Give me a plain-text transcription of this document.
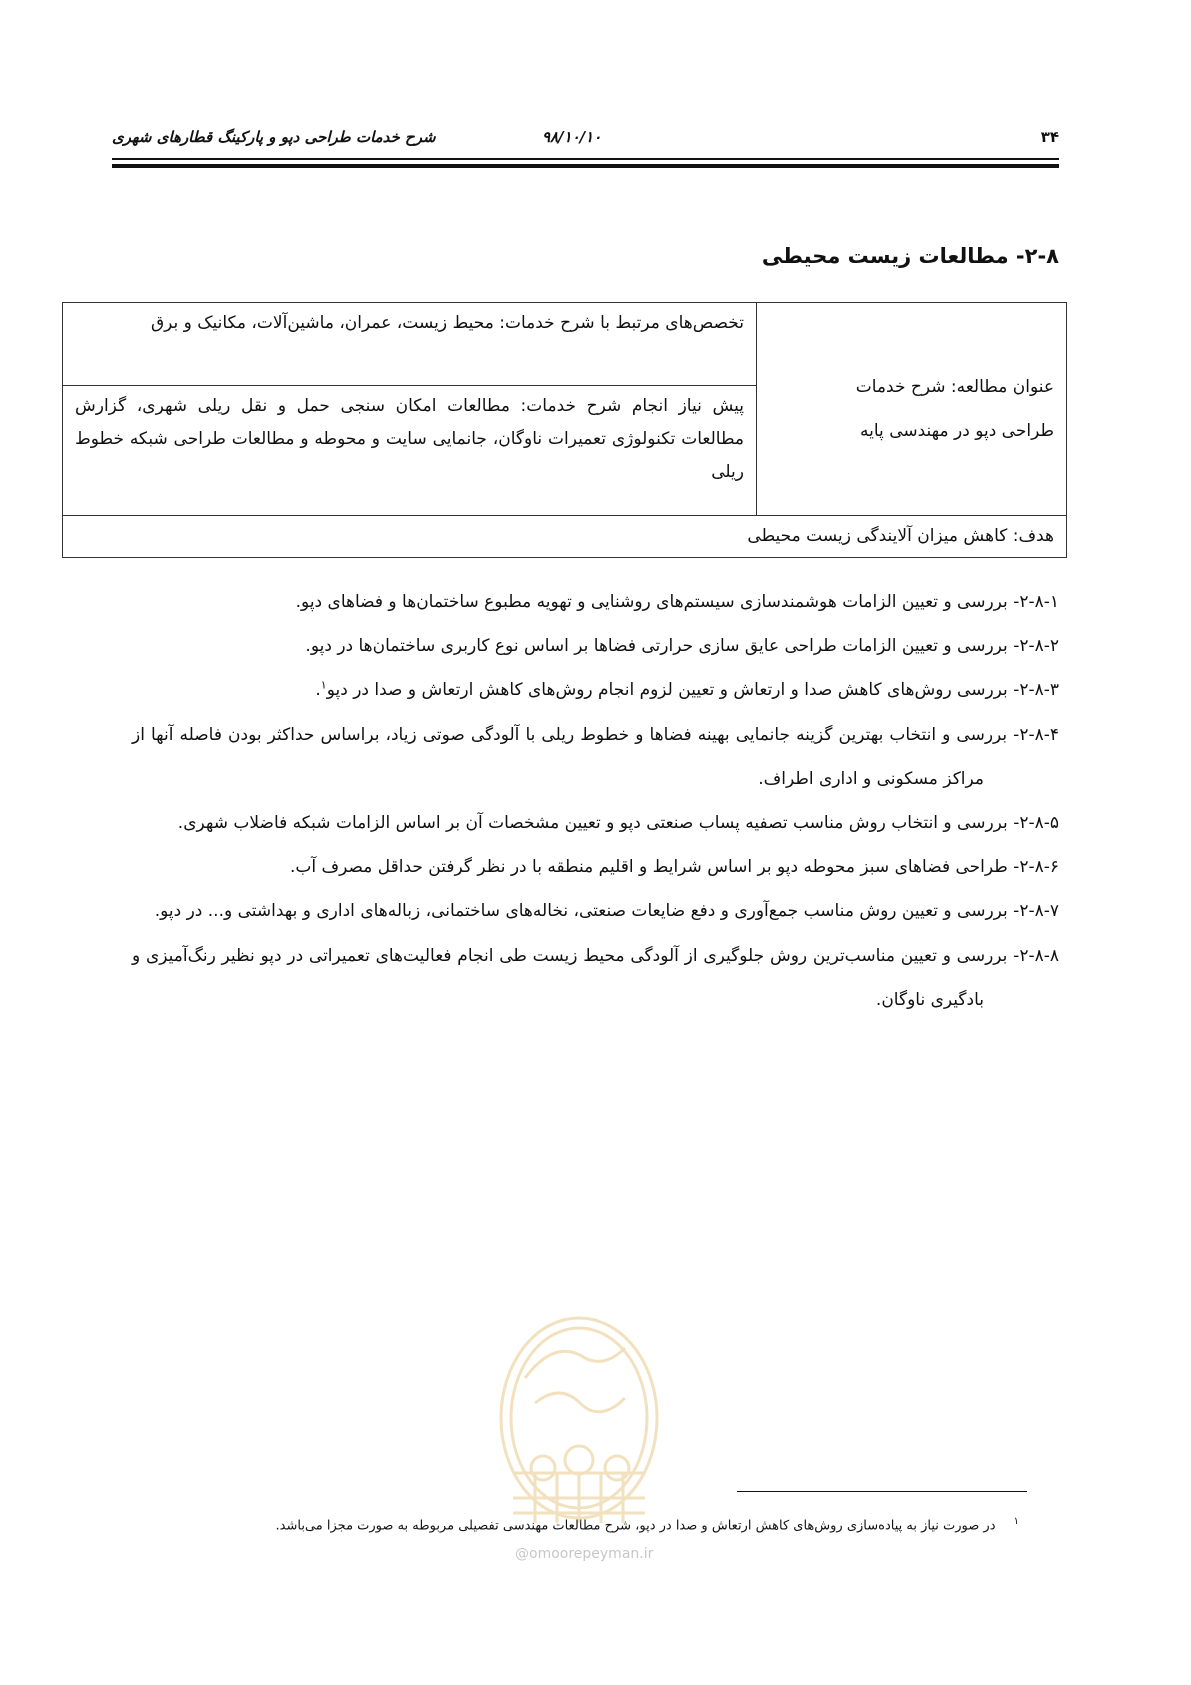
۳۴
۹۸/۱۰/۱۰
شرح خدمات طراحی دپو و پارکینگ قطارهای شهری
۲-۸- مطالعات زیست محیطی
عنوان مطالعه: شرح خدمات
طراحی دپو در مهندسی پایه
	تخصص‌های مرتبط با شرح خدمات: محیط زیست، عمران، ماشین‌آلات، مکانیک و برق
پیش نیاز انجام شرح خدمات: مطالعات امکان سنجی حمل و نقل ریلی شهری، گزارش مطالعات تکنولوژی تعمیرات ناوگان، جانمایی سایت و محوطه و مطالعات طراحی شبکه خطوط ریلی
هدف: کاهش میزان آلایندگی زیست محیطی
۲-۸-۱- بررسی و تعیین الزامات هوشمندسازی سیستم‌های روشنایی و تهویه مطبوع ساختمان‌ها و فضاهای دپو.
۲-۸-۲- بررسی و تعیین الزامات طراحی عایق سازی حرارتی فضاها بر اساس نوع کاربری ساختمان‌ها در دپو.
۲-۸-۳- بررسی روش‌های کاهش صدا و ارتعاش و تعیین لزوم انجام روش‌های کاهش ارتعاش و صدا در دپو$^۱$.
۲-۸-۴- بررسی و انتخاب بهترین گزینه جانمایی بهینه فضاها و خطوط ریلی با آلودگی صوتی زیاد، براساس حداکثر بودن فاصله آنها از مراکز مسکونی و اداری اطراف.
۲-۸-۵- بررسی و انتخاب روش مناسب تصفیه پساب صنعتی دپو و تعیین مشخصات آن بر اساس الزامات شبکه فاضلاب شهری.
۲-۸-۶- طراحی فضاهای سبز محوطه دپو بر اساس شرایط و اقلیم منطقه با در نظر گرفتن حداقل مصرف آب.
۲-۸-۷- بررسی و تعیین روش مناسب جمع‌آوری و دفع ضایعات صنعتی، نخاله‌های ساختمانی، زباله‌های اداری و بهداشتی و... در دپو.
۲-۸-۸- بررسی و تعیین مناسب‌ترین روش جلوگیری از آلودگی محیط زیست طی انجام فعالیت‌های تعمیراتی در دپو نظیر رنگ‌آمیزی و بادگیری ناوگان.
$^۱$ در صورت نیاز به پیاده‌سازی روش‌های کاهش ارتعاش و صدا در دپو، شرح مطالعات مهندسی تفصیلی مربوطه به صورت مجزا می‌باشد.
@omoorepeyman.ir
